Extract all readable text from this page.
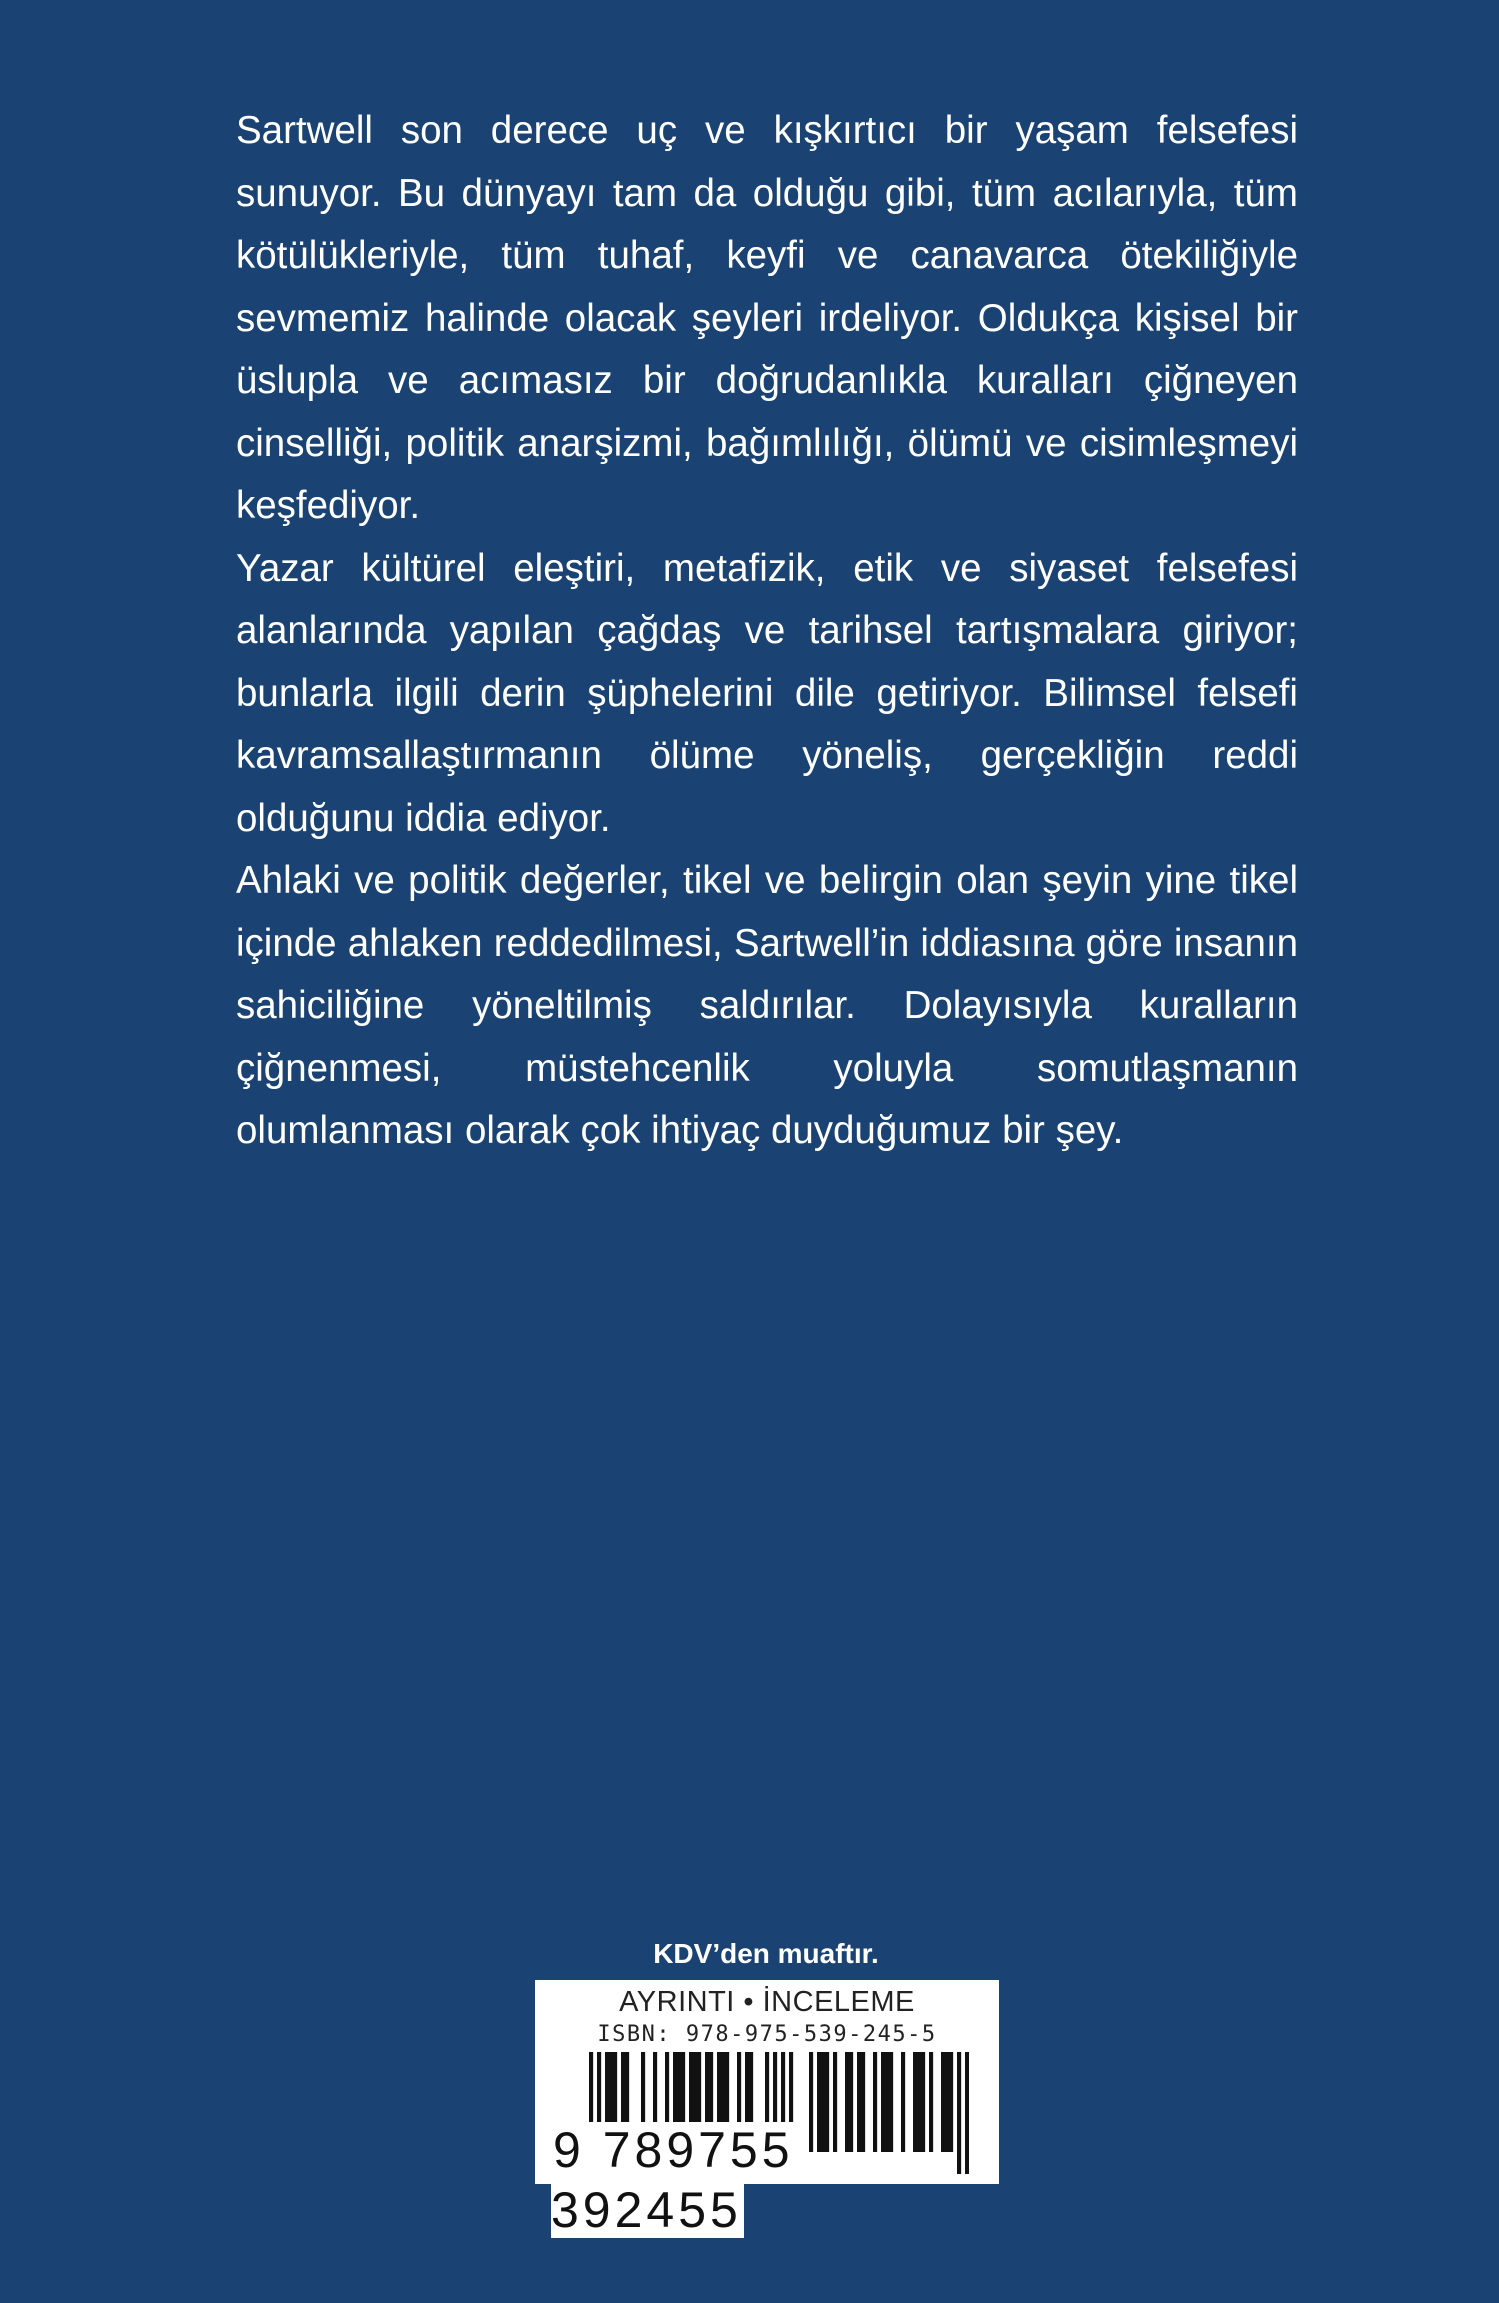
Sartwell son derece uç ve kışkırtıcı bir yaşam felsefesi sunuyor. Bu dünyayı tam da olduğu gibi, tüm acılarıyla, tüm kötülükleriyle, tüm tuhaf, keyfi ve canavarca ötekiliğiyle sevmemiz halinde olacak şeyleri irdeliyor. Oldukça kişisel bir üslupla ve acımasız bir doğrudanlıkla kuralları çiğneyen cinselliği, politik anarşizmi, bağımlılığı, ölümü ve cisimleşmeyi keşfediyor.

Yazar kültürel eleştiri, metafizik, etik ve siyaset felsefesi alanlarında yapılan çağdaş ve tarihsel tartışmalara giriyor; bunlarla ilgili derin şüphelerini dile getiriyor. Bilimsel felsefi kavramsallaştırmanın ölüme yöneliş, gerçekliğin reddi olduğunu iddia ediyor.

Ahlaki ve politik değerler, tikel ve belirgin olan şeyin yine tikel içinde ahlaken reddedilmesi, Sartwell’in iddiasına göre insanın sahiciliğine yöneltilmiş saldırılar. Dolayısıyla kuralların çiğnenmesi, müstehcenlik yoluyla somutlaşmanın olumlanması olarak çok ihtiyaç duyduğumuz bir şey.

KDV’den muaftır.
AYRINTI • İNCELEME
ISBN: 978-975-539-245-5
9 789755 392455
